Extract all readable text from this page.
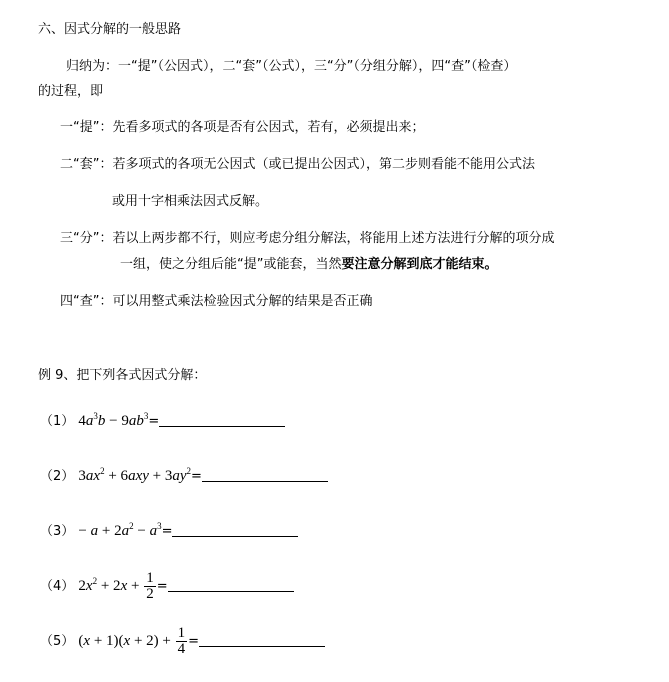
六、因式分解的一般思路
归纳为：一“提”（公因式），二“套”（公式），三“分”（分组分解），四“查”（检查）
的过程，即
一“提”：先看多项式的各项是否有公因式，若有，必须提出来；
二“套”：若多项式的各项无公因式（或已提出公因式），第二步则看能不能用公式法
或用十字相乘法因式反解。
三“分”：若以上两步都不行，则应考虑分组分解法，将能用上述方法进行分解的项分成
一组，使之分组后能“提”或能套，当然要注意分解到底才能结束。
四“查”：可以用整式乘法检验因式分解的结果是否正确
例 9、把下列各式因式分解：
（1） $4a^3b - 9ab^3=$
（2） $3ax^2 + 6axy + 3ay^2=$
$(3) - a + 2a^2 - a^3=$
（4） $2x^2 + 2x + \frac{1}{2}$ =
（5） $(x + 1)(x + 2) + \frac{1}{4}$ =
